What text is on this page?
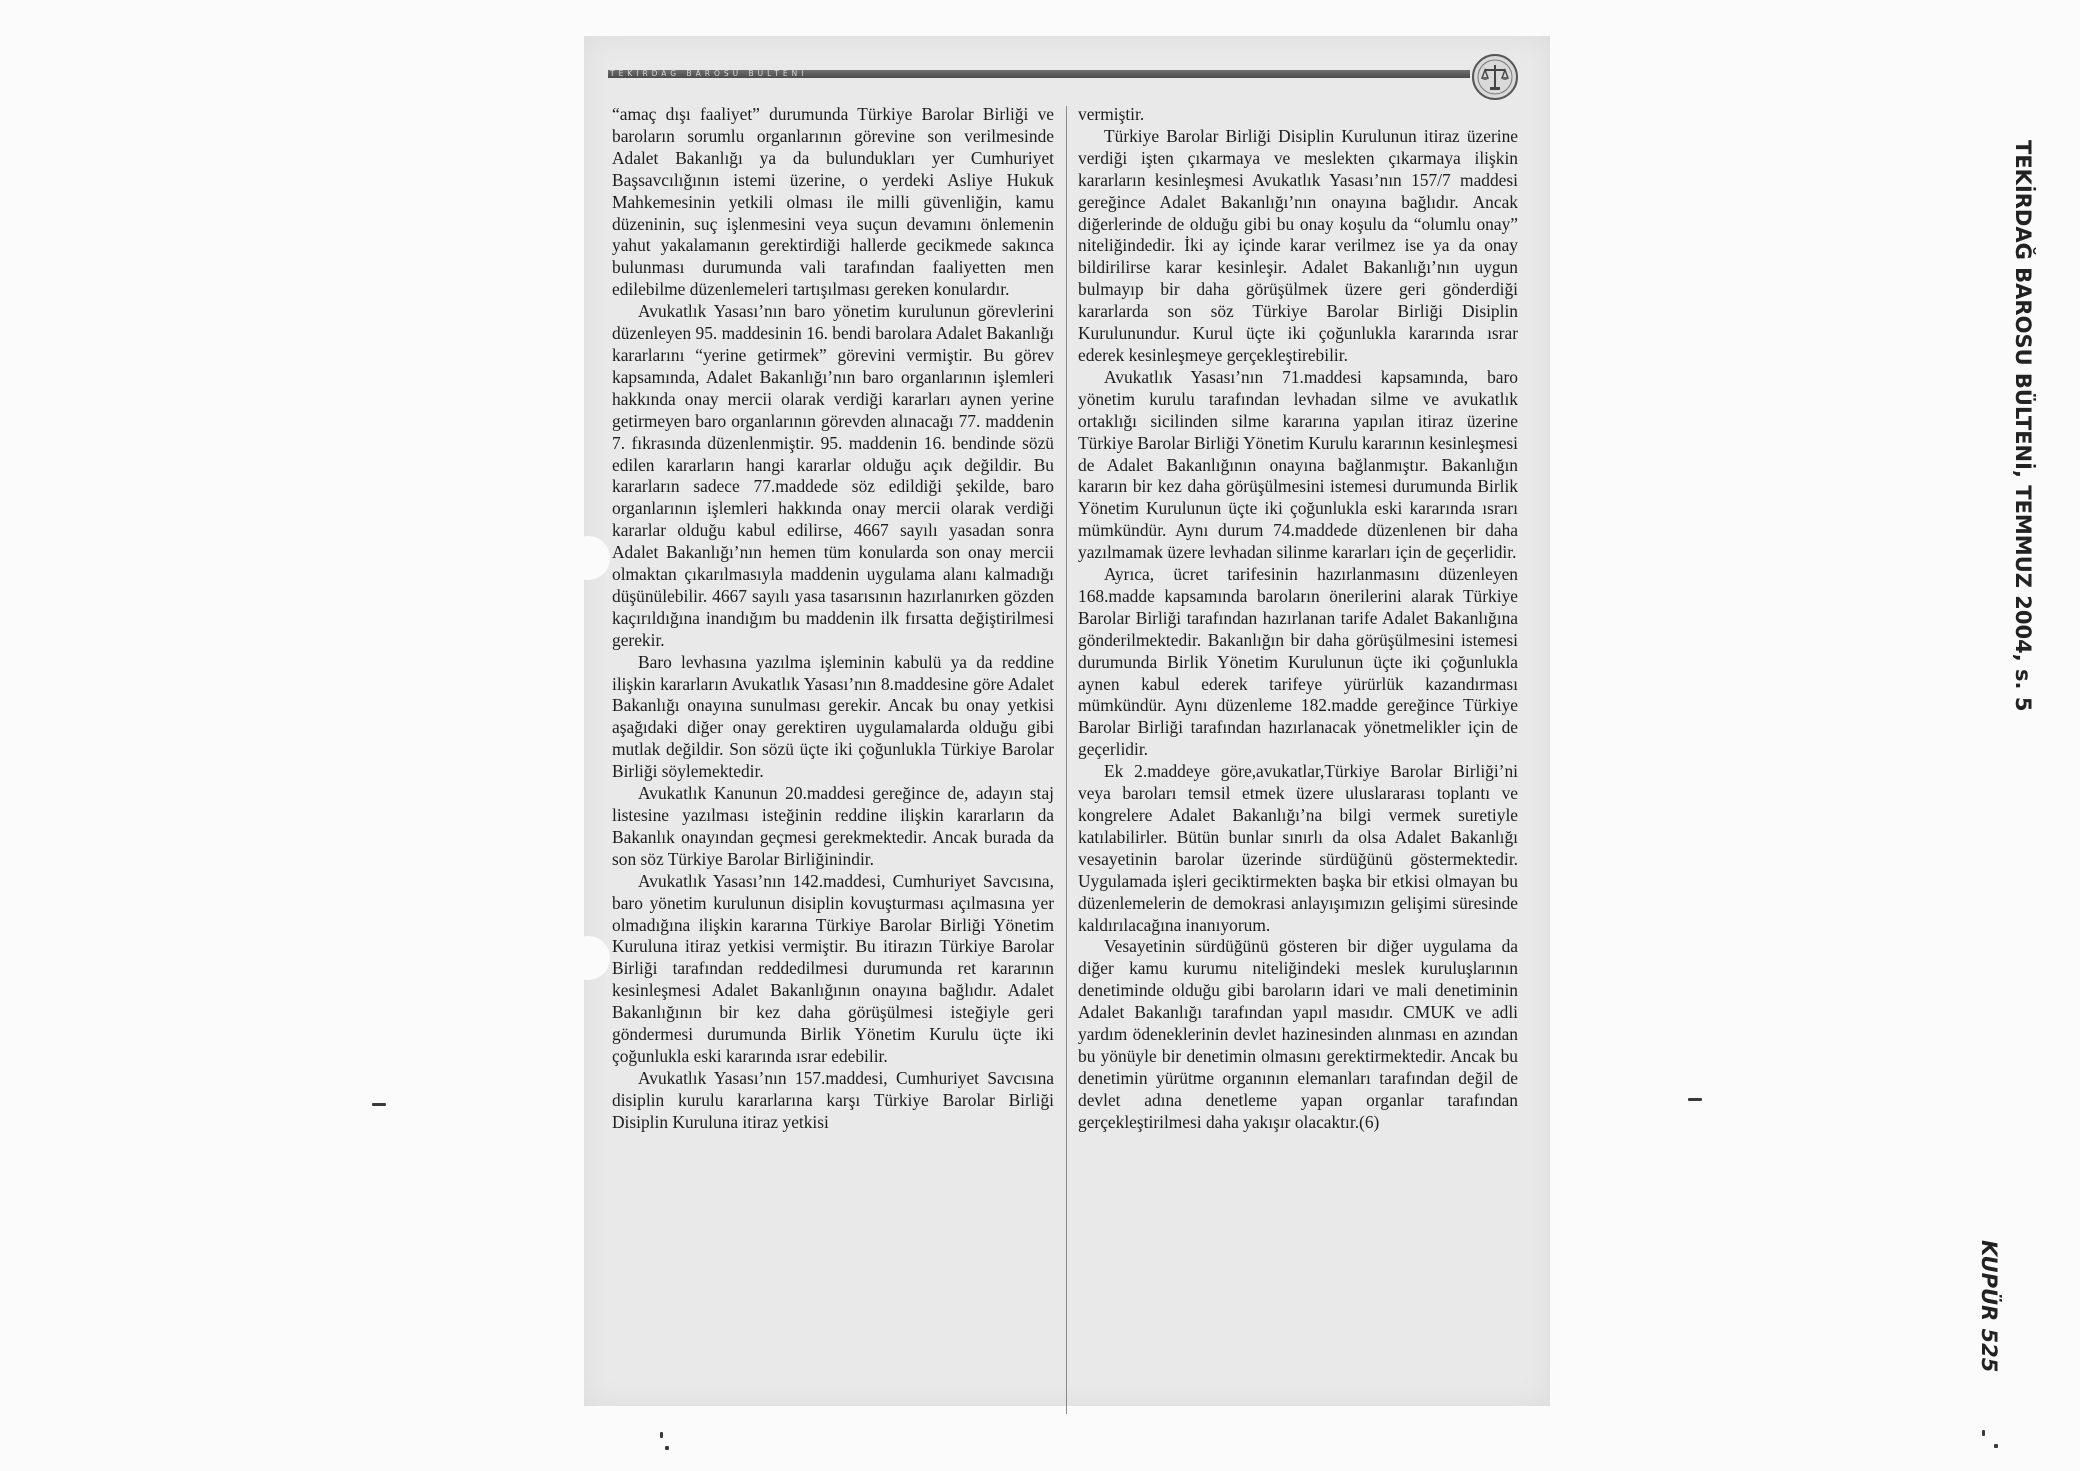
TEKİRDAĞ BAROSU BÜLTENİ

“amaç dışı faaliyet” durumunda Türkiye Barolar Birliği ve baroların sorumlu organlarının görevine son verilmesinde Adalet Bakanlığı ya da bulundukları yer Cumhuriyet Başsavcılığının istemi üzerine, o yerdeki Asliye Hukuk Mahkemesinin yetkili olması ile milli güvenliğin, kamu düzeninin, suç işlenmesini veya suçun devamını önlemenin yahut yakalamanın gerektirdiği hallerde gecikmede sakınca bulunması durumunda vali tarafından faaliyetten men edilebilme düzenlemeleri tartışılması gereken konulardır.

Avukatlık Yasası’nın baro yönetim kurulunun görevlerini düzenleyen 95. maddesinin 16. bendi barolara Adalet Bakanlığı kararlarını “yerine getirmek” görevini vermiştir. Bu görev kapsamında, Adalet Bakanlığı’nın baro organlarının işlemleri hakkında onay mercii olarak verdiği kararları aynen yerine getirmeyen baro organlarının görevden alınacağı 77. maddenin 7. fıkrasında düzenlenmiştir. 95. maddenin 16. bendinde sözü edilen kararların hangi kararlar olduğu açık değildir. Bu kararların sadece 77.maddede söz edildiği şekilde, baro organlarının işlemleri hakkında onay mercii olarak verdiği kararlar olduğu kabul edilirse, 4667 sayılı yasadan sonra Adalet Bakanlığı’nın hemen tüm konularda son onay mercii olmaktan çıkarılmasıyla maddenin uygulama alanı kalmadığı düşünülebilir. 4667 sayılı yasa tasarısının hazırlanırken gözden kaçırıldığına inandığım bu maddenin ilk fırsatta değiştirilmesi gerekir.

Baro levhasına yazılma işleminin kabulü ya da reddine ilişkin kararların Avukatlık Yasası’nın 8.maddesine göre Adalet Bakanlığı onayına sunulması gerekir. Ancak bu onay yetkisi aşağıdaki diğer onay gerektiren uygulamalarda olduğu gibi mutlak değildir. Son sözü üçte iki çoğunlukla Türkiye Barolar Birliği söylemektedir.

Avukatlık Kanunun 20.maddesi gereğince de, adayın staj listesine yazılması isteğinin reddine ilişkin kararların da Bakanlık onayından geçmesi gerekmektedir. Ancak burada da son söz Türkiye Barolar Birliğinindir.

Avukatlık Yasası’nın 142.maddesi, Cumhuriyet Savcısına, baro yönetim kurulunun disiplin kovuşturması açılmasına yer olmadığına ilişkin kararına Türkiye Barolar Birliği Yönetim Kuruluna itiraz yetkisi vermiştir. Bu itirazın Türkiye Barolar Birliği tarafından reddedilmesi durumunda ret kararının kesinleşmesi Adalet Bakanlığının onayına bağlıdır. Adalet Bakanlığının bir kez daha görüşülmesi isteğiyle geri göndermesi durumunda Birlik Yönetim Kurulu üçte iki çoğunlukla eski kararında ısrar edebilir.

Avukatlık Yasası’nın 157.maddesi, Cumhuriyet Savcısına disiplin kurulu kararlarına karşı Türkiye Barolar Birliği Disiplin Kuruluna itiraz yetkisi

vermiştir.

Türkiye Barolar Birliği Disiplin Kurulunun itiraz üzerine verdiği işten çıkarmaya ve meslekten çıkarmaya ilişkin kararların kesinleşmesi Avukatlık Yasası’nın 157/7 maddesi gereğince Adalet Bakanlığı’nın onayına bağlıdır. Ancak diğerlerinde de olduğu gibi bu onay koşulu da “olumlu onay” niteliğindedir. İki ay içinde karar verilmez ise ya da onay bildirilirse karar kesinleşir. Adalet Bakanlığı’nın uygun bulmayıp bir daha görüşülmek üzere geri gönderdiği kararlarda son söz Türkiye Barolar Birliği Disiplin Kurulunundur. Kurul üçte iki çoğunlukla kararında ısrar ederek kesinleşmeye gerçekleştirebilir.

Avukatlık Yasası’nın 71.maddesi kapsamında, baro yönetim kurulu tarafından levhadan silme ve avukatlık ortaklığı sicilinden silme kararına yapılan itiraz üzerine Türkiye Barolar Birliği Yönetim Kurulu kararının kesinleşmesi de Adalet Bakanlığının onayına bağlanmıştır. Bakanlığın kararın bir kez daha görüşülmesini istemesi durumunda Birlik Yönetim Kurulunun üçte iki çoğunlukla eski kararında ısrarı mümkündür. Aynı durum 74.maddede düzenlenen bir daha yazılmamak üzere levhadan silinme kararları için de geçerlidir.

Ayrıca, ücret tarifesinin hazırlanmasını düzenleyen 168.madde kapsamında baroların önerilerini alarak Türkiye Barolar Birliği tarafından hazırlanan tarife Adalet Bakanlığına gönderilmektedir. Bakanlığın bir daha görüşülmesini istemesi durumunda Birlik Yönetim Kurulunun üçte iki çoğunlukla aynen kabul ederek tarifeye yürürlük kazandırması mümkündür. Aynı düzenleme 182.madde gereğince Türkiye Barolar Birliği tarafından hazırlanacak yönetmelikler için de geçerlidir.

Ek 2.maddeye göre,avukatlar,Türkiye Barolar Birliği’ni veya baroları temsil etmek üzere uluslararası toplantı ve kongrelere Adalet Bakanlığı’na bilgi vermek suretiyle katılabilirler. Bütün bunlar sınırlı da olsa Adalet Bakanlığı vesayetinin barolar üzerinde sürdüğünü göstermektedir. Uygulamada işleri geciktirmekten başka bir etkisi olmayan bu düzenlemelerin de demokrasi anlayışımızın gelişimi süresinde kaldırılacağına inanıyorum.

Vesayetinin sürdüğünü gösteren bir diğer uygulama da diğer kamu kurumu niteliğindeki meslek kuruluşlarının denetiminde olduğu gibi baroların idari ve mali denetiminin Adalet Bakanlığı tarafından yapıl masıdır. CMUK ve adli yardım ödeneklerinin devlet hazinesinden alınması en azından bu yönüyle bir denetimin olmasını gerektirmektedir. Ancak bu denetimin yürütme organının elemanları tarafından değil de devlet adına denetleme yapan organlar tarafından gerçekleştirilmesi daha yakışır olacaktır.(6)

TEKİRDAĞ BAROSU BÜLTENİ, TEMMUZ 2004, s. 5
KUPÜR 525
